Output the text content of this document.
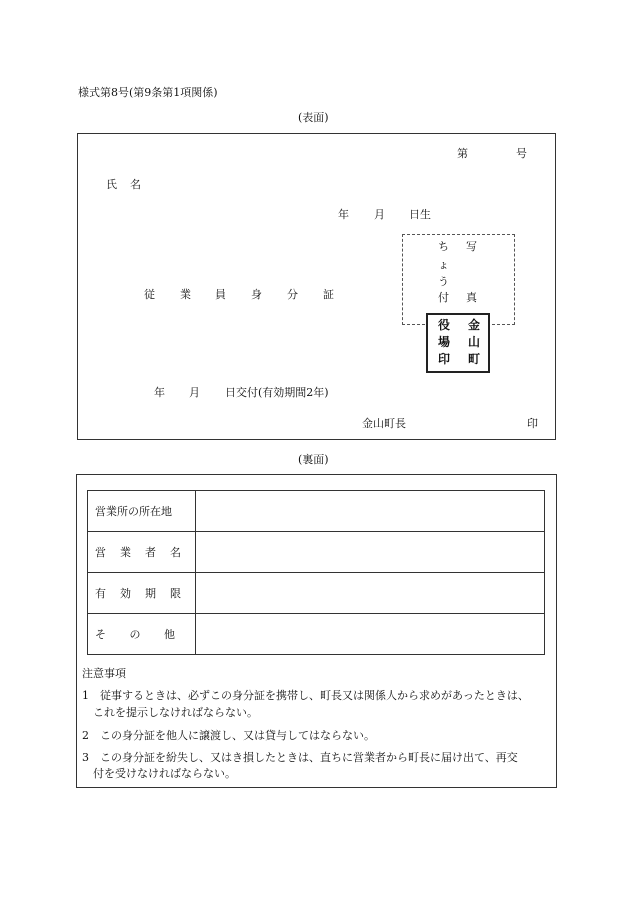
様式第8号(第9条第1項関係)
(表面)
第	号
氏 名
年 月 日生
従 業 員 身 分 証
ち 写
ょ
う
付 真
金
山
町
役
場
印
年 月 日交付(有効期間2年)
金山町長	印
(裏面)
営業所の所在地	

営 業 者 名	

有 効 期 限	

そ の 他	

注意事項
1 従事するときは、必ずこの身分証を携帯し、町長又は関係人から求めがあったときは、
これを提示しなければならない。
2 この身分証を他人に譲渡し、又は貸与してはならない。
3 この身分証を紛失し、又はき損したときは、直ちに営業者から町長に届け出て、再交
付を受けなければならない。
